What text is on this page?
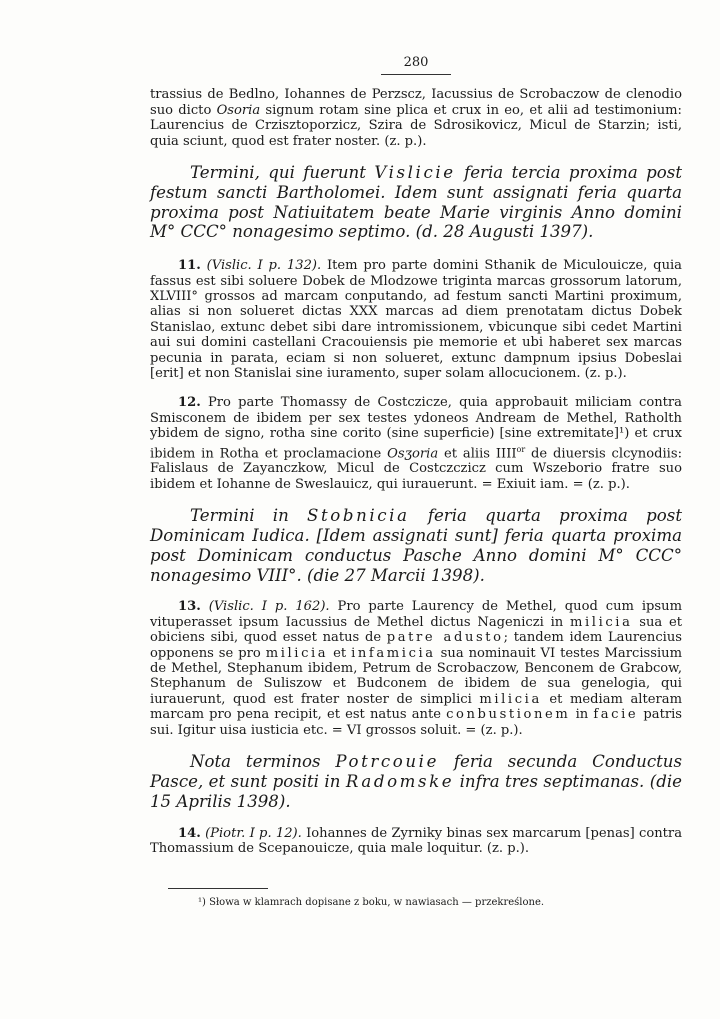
280

trassius de Bedlno, Iohannes de Perzscz, Iacussius de Scrobaczow de clenodio suo dicto Osoria signum rotam sine plica et crux in eo, et alii ad testimonium: Laurencius de Crzisztoporzicz, Szira de Sdrosikovicz, Micul de Starzin; isti, quia sciunt, quod est frater noster. (z. p.).

Termini, qui fuerunt Vislicie feria tercia proxima post festum sancti Bartholomei. Idem sunt assignati feria quarta proxima post Natiuitatem beate Marie virginis Anno domini M° CCC° nonagesimo septimo. (d. 28 Augusti 1397).

11. (Vislic. I p. 132). Item pro parte domini Sthanik de Miculouicze, quia fassus est sibi soluere Dobek de Mlodzowe triginta marcas grossorum latorum, XLVIII° grossos ad marcam conputando, ad festum sancti Martini proximum, alias si non solueret dictas XXX marcas ad diem prenotatam dictus Dobek Stanislao, extunc debet sibi dare intromissionem, vbicunque sibi cedet Martini aui sui domini castellani Cracouiensis pie memorie et ubi haberet sex marcas pecunia in parata, eciam si non solueret, extunc dampnum ipsius Dobeslai [erit] et non Stanislai sine iuramento, super solam allocucionem. (z. p.).

12. Pro parte Thomassy de Costczicze, quia approbauit miliciam contra Smisconem de ibidem per sex testes ydoneos Andream de Methel, Ratholth ybidem de signo, rotha sine corito (sine superficie) [sine extremitate]¹) et crux ibidem in Rotha et proclamacione Osʒoria et aliis $IIII^{or}$ de diuersis clcynodiis: Falislaus de Zayanczkow, Micul de Costczczicz cum Wszeborio fratre suo ibidem et Iohanne de Sweslauicz, qui iurauerunt. = Exiuit iam. = (z. p.).

Termini in Stobnicia feria quarta proxima post Dominicam Iudica. [Idem assignati sunt] feria quarta proxima post Dominicam conductus Pasche Anno domini M° CCC° nonagesimo VIII°. (die 27 Marcii 1398).

13. (Vislic. I p. 162). Pro parte Laurency de Methel, quod cum ipsum vituperasset ipsum Iacussius de Methel dictus Nageniczi in milicia sua et obiciens sibi, quod esset natus de patre adusto; tandem idem Laurencius opponens se pro milicia et infamicia sua nominauit VI testes Marcissium de Methel, Stephanum ibidem, Petrum de Scrobaczow, Benconem de Grabcow, Stephanum de Suliszow et Budconem de ibidem de sua genelogia, qui iurauerunt, quod est frater noster de simplici milicia et mediam alteram marcam pro pena recipit, et est natus ante conbustionem in facie patris sui. Igitur uisa iusticia etc. = VI grossos soluit. = (z. p.).

Nota terminos Potrcouie feria secunda Conductus Pasce, et sunt positi in Radomske infra tres septimanas. (die 15 Aprilis 1398).

14. (Piotr. I p. 12). Iohannes de Zyrniky binas sex marcarum [penas] contra Thomassium de Scepanouicze, quia male loquitur. (z. p.).

¹) Słowa w klamrach dopisane z boku, w nawiasach — przekreślone.
